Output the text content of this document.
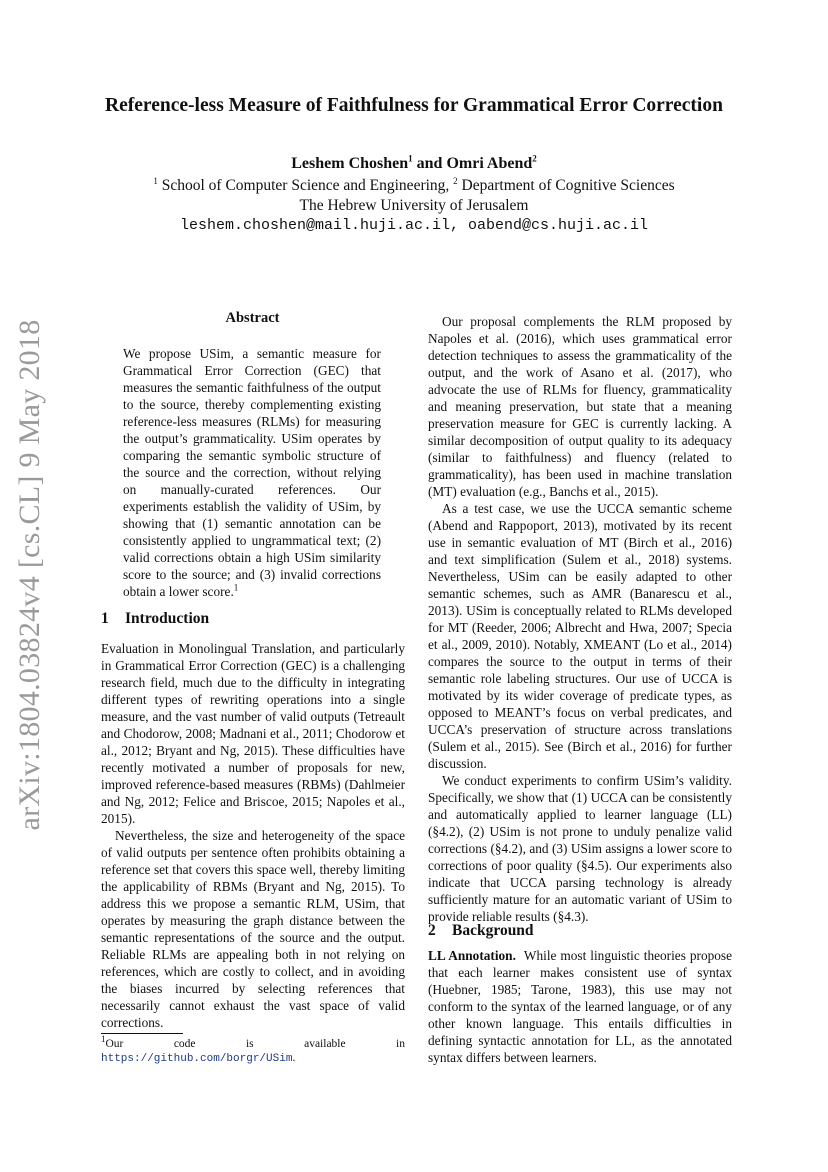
arXiv:1804.03824v4 [cs.CL] 9 May 2018
Reference-less Measure of Faithfulness for Grammatical Error Correction
Leshem Choshen$^1$ and Omri Abend$^2$
$^1$ School of Computer Science and Engineering, $^2$ Department of Cognitive Sciences
The Hebrew University of Jerusalem
leshem.choshen@mail.huji.ac.il, oabend@cs.huji.ac.il
Abstract

We propose USim, a semantic measure for Grammatical Error Correction (GEC) that measures the semantic faithfulness of the output to the source, thereby complementing existing reference-less measures (RLMs) for measuring the output’s grammaticality. USim operates by comparing the semantic symbolic structure of the source and the correction, without relying on manually-curated references. Our experiments establish the validity of USim, by showing that (1) semantic annotation can be consistently applied to ungrammatical text; (2) valid corrections obtain a high USim similarity score to the source; and (3) invalid corrections obtain a lower score.$^1$

1 Introduction

Evaluation in Monolingual Translation, and particularly in Grammatical Error Correction (GEC) is a challenging research field, much due to the difficulty in integrating different types of rewriting operations into a single measure, and the vast number of valid outputs (Tetreault and Chodorow, 2008; Madnani et al., 2011; Chodorow et al., 2012; Bryant and Ng, 2015). These difficulties have recently motivated a number of proposals for new, improved reference-based measures (RBMs) (Dahlmeier and Ng, 2012; Felice and Briscoe, 2015; Napoles et al., 2015).

Nevertheless, the size and heterogeneity of the space of valid outputs per sentence often prohibits obtaining a reference set that covers this space well, thereby limiting the applicability of RBMs (Bryant and Ng, 2015). To address this we propose a semantic RLM, USim, that operates by measuring the graph distance between the semantic representations of the source and the output. Reliable RLMs are appealing both in not relying on references, which are costly to collect, and in avoiding the biases incurred by selecting references that necessarily cannot exhaust the vast space of valid corrections.

$^1$Our code is available in https://github.com/borgr/USim.

Our proposal complements the RLM proposed by Napoles et al. (2016), which uses grammatical error detection techniques to assess the grammaticality of the output, and the work of Asano et al. (2017), who advocate the use of RLMs for fluency, grammaticality and meaning preservation, but state that a meaning preservation measure for GEC is currently lacking. A similar decomposition of output quality to its adequacy (similar to faithfulness) and fluency (related to grammaticality), has been used in machine translation (MT) evaluation (e.g., Banchs et al., 2015).

As a test case, we use the UCCA semantic scheme (Abend and Rappoport, 2013), motivated by its recent use in semantic evaluation of MT (Birch et al., 2016) and text simplification (Sulem et al., 2018) systems. Nevertheless, USim can be easily adapted to other semantic schemes, such as AMR (Banarescu et al., 2013). USim is conceptually related to RLMs developed for MT (Reeder, 2006; Albrecht and Hwa, 2007; Specia et al., 2009, 2010). Notably, XMEANT (Lo et al., 2014) compares the source to the output in terms of their semantic role labeling structures. Our use of UCCA is motivated by its wider coverage of predicate types, as opposed to MEANT’s focus on verbal predicates, and UCCA’s preservation of structure across translations (Sulem et al., 2015). See (Birch et al., 2016) for further discussion.

We conduct experiments to confirm USim’s validity. Specifically, we show that (1) UCCA can be consistently and automatically applied to learner language (LL) (§4.2), (2) USim is not prone to unduly penalize valid corrections (§4.2), and (3) USim assigns a lower score to corrections of poor quality (§4.5). Our experiments also indicate that UCCA parsing technology is already sufficiently mature for an automatic variant of USim to provide reliable results (§4.3).

2 Background

LL Annotation. While most linguistic theories propose that each learner makes consistent use of syntax (Huebner, 1985; Tarone, 1983), this use may not conform to the syntax of the learned language, or of any other known language. This entails difficulties in defining syntactic annotation for LL, as the annotated syntax differs between learners.
